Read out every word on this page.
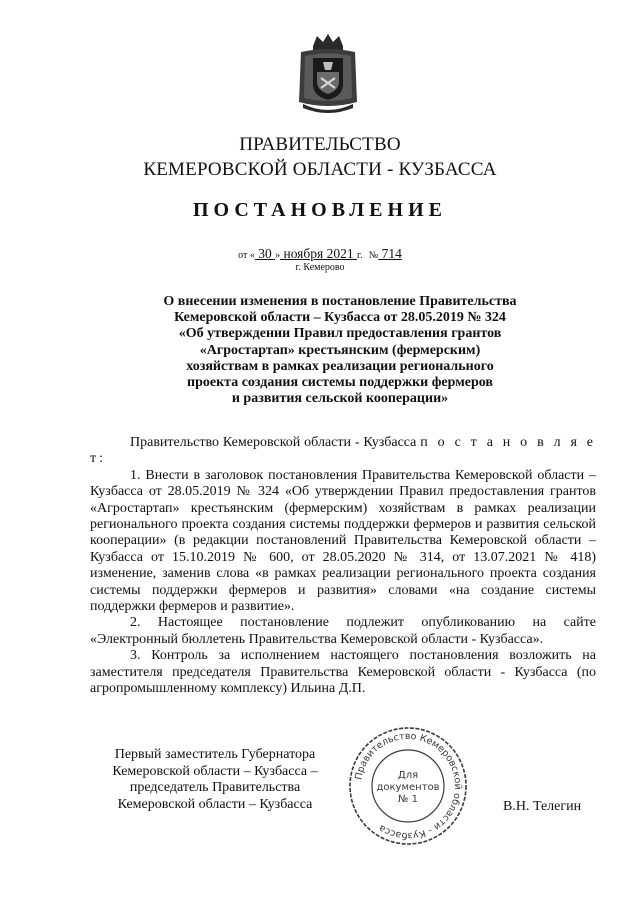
ПРАВИТЕЛЬСТВО
КЕМЕРОВСКОЙ ОБЛАСТИ - КУЗБАССА
ПОСТАНОВЛЕНИЕ
от « 30 » ноября 2021 г. № 714
г. Кемерово
О внесении изменения в постановление Правительства
Кемеровской области – Кузбасса от 28.05.2019 № 324
«Об утверждении Правил предоставления грантов
«Агростартап» крестьянским (фермерским)
хозяйствам в рамках реализации регионального
проекта создания системы поддержки фермеров
и развития сельской кооперации»

Правительство Кемеровской области - Кузбасса п о с т а н о в л я е т:

1. Внести в заголовок постановления Правительства Кемеровской области – Кузбасса от 28.05.2019 № 324 «Об утверждении Правил предоставления грантов «Агростартап» крестьянским (фермерским) хозяйствам в рамках реализации регионального проекта создания системы поддержки фермеров и развития сельской кооперации» (в редакции постановлений Правительства Кемеровской области – Кузбасса от 15.10.2019 № 600, от 28.05.2020 № 314, от 13.07.2021 № 418) изменение, заменив слова «в рамках реализации регионального проекта создания системы поддержки фермеров и развития» словами «на создание системы поддержки фермеров и развитие».

2. Настоящее постановление подлежит опубликованию на сайте «Электронный бюллетень Правительства Кемеровской области - Кузбасса».

3. Контроль за исполнением настоящего постановления возложить на заместителя председателя Правительства Кемеровской области - Кузбасса (по агропромышленному комплексу) Ильина Д.П.

Первый заместитель Губернатора
Кемеровской области – Кузбасса –
председатель Правительства
Кемеровской области – Кузбасса
Правительство Кемеровской области - Кузбасса
Для
документов
№ 1	В.Н. Телегин
